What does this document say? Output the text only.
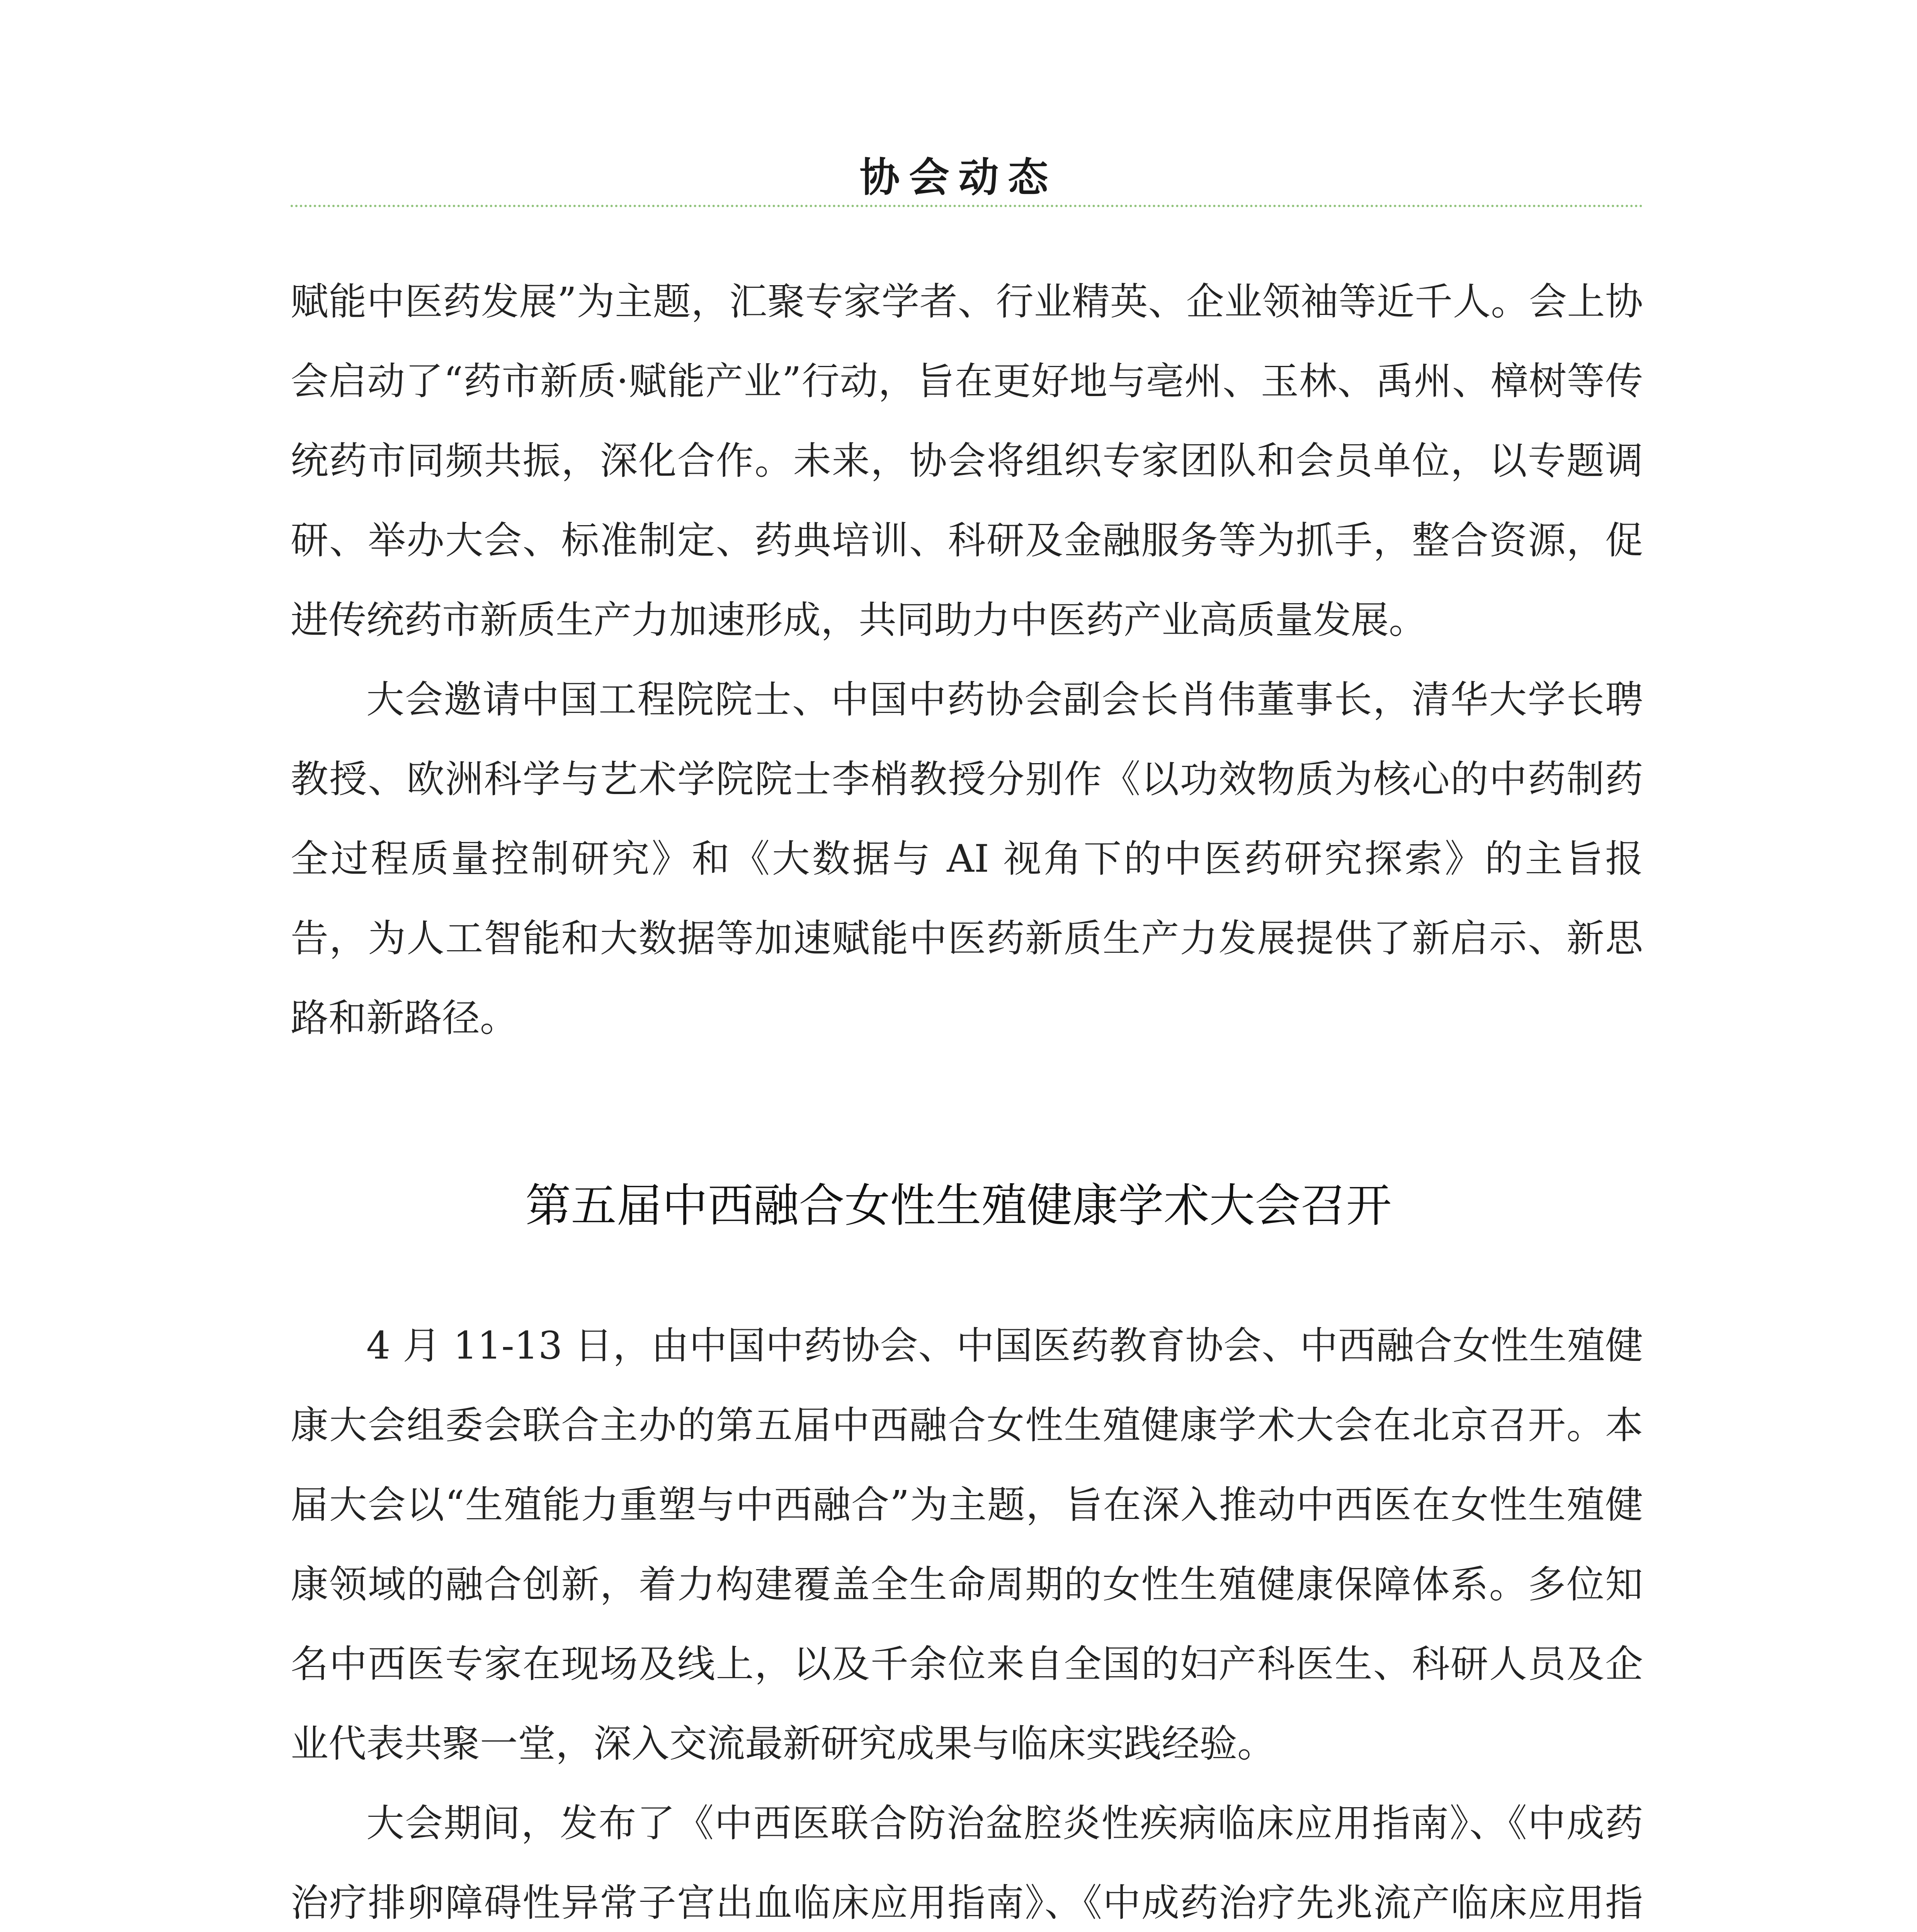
协会动态

赋能中医药发展”为主题，汇聚专家学者、行业精英、企业领袖等近千人。会上协会启动了“药市新质·赋能产业”行动，旨在更好地与亳州、玉林、禹州、樟树等传统药市同频共振，深化合作。未来，协会将组织专家团队和会员单位，以专题调研、举办大会、标准制定、药典培训、科研及金融服务等为抓手，整合资源，促进传统药市新质生产力加速形成，共同助力中医药产业高质量发展。

大会邀请中国工程院院士、中国中药协会副会长肖伟董事长，清华大学长聘教授、欧洲科学与艺术学院院士李梢教授分别作《以功效物质为核心的中药制药全过程质量控制研究》和《大数据与 AI 视角下的中医药研究探索》的主旨报告，为人工智能和大数据等加速赋能中医药新质生产力发展提供了新启示、新思路和新路径。

第五届中西融合女性生殖健康学术大会召开

4 月 11-13 日，由中国中药协会、中国医药教育协会、中西融合女性生殖健康大会组委会联合主办的第五届中西融合女性生殖健康学术大会在北京召开。本届大会以“生殖能力重塑与中西融合”为主题，旨在深入推动中西医在女性生殖健康领域的融合创新，着力构建覆盖全生命周期的女性生殖健康保障体系。多位知名中西医专家在现场及线上，以及千余位来自全国的妇产科医生、科研人员及企业代表共聚一堂，深入交流最新研究成果与临床实践经验。

大会期间，发布了《中西医联合防治盆腔炎性疾病临床应用指南》、《中成药治疗排卵障碍性异常子宫出血临床应用指南》、《中成药治疗先兆流产临床应用指
